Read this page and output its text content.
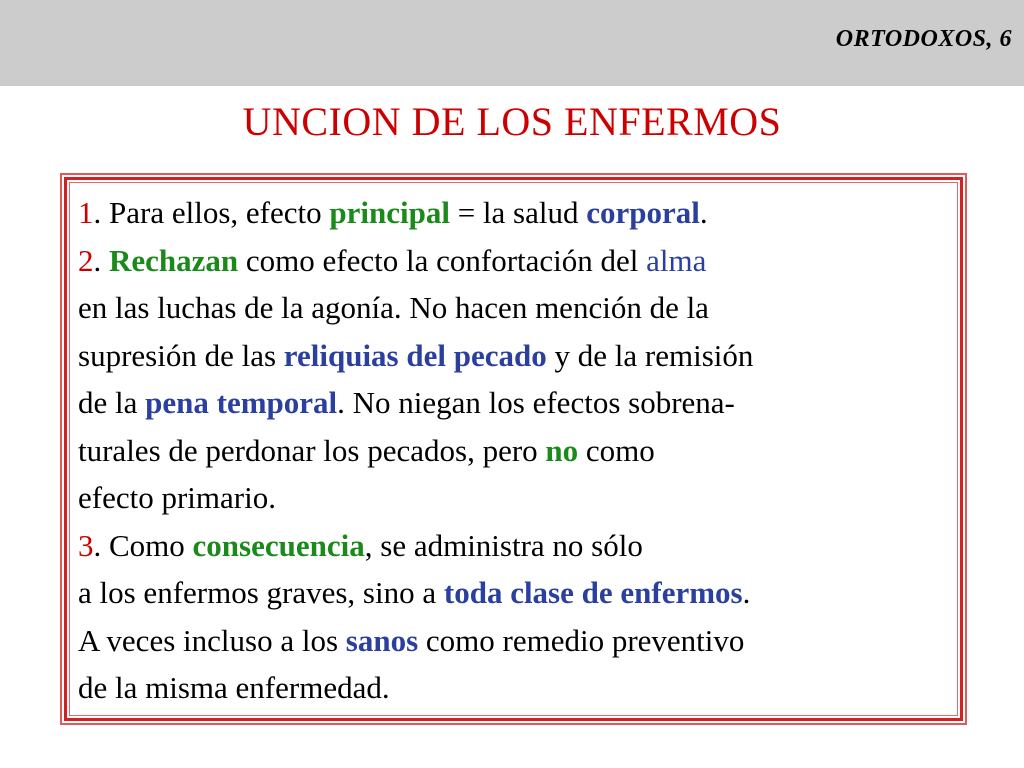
ORTODOXOS, 6
UNCION DE LOS ENFERMOS
1. Para ellos, efecto principal = la salud corporal.
2. Rechazan como efecto la confortación del alma
en las luchas de la agonía. No hacen mención de la
supresión de las reliquias del pecado y de la remisión
de la pena temporal. No niegan los efectos sobrena-
turales de perdonar los pecados, pero no como
efecto primario.
3. Como consecuencia, se administra no sólo
a los enfermos graves, sino a toda clase de enfermos.
A veces incluso a los sanos como remedio preventivo
de la misma enfermedad.
